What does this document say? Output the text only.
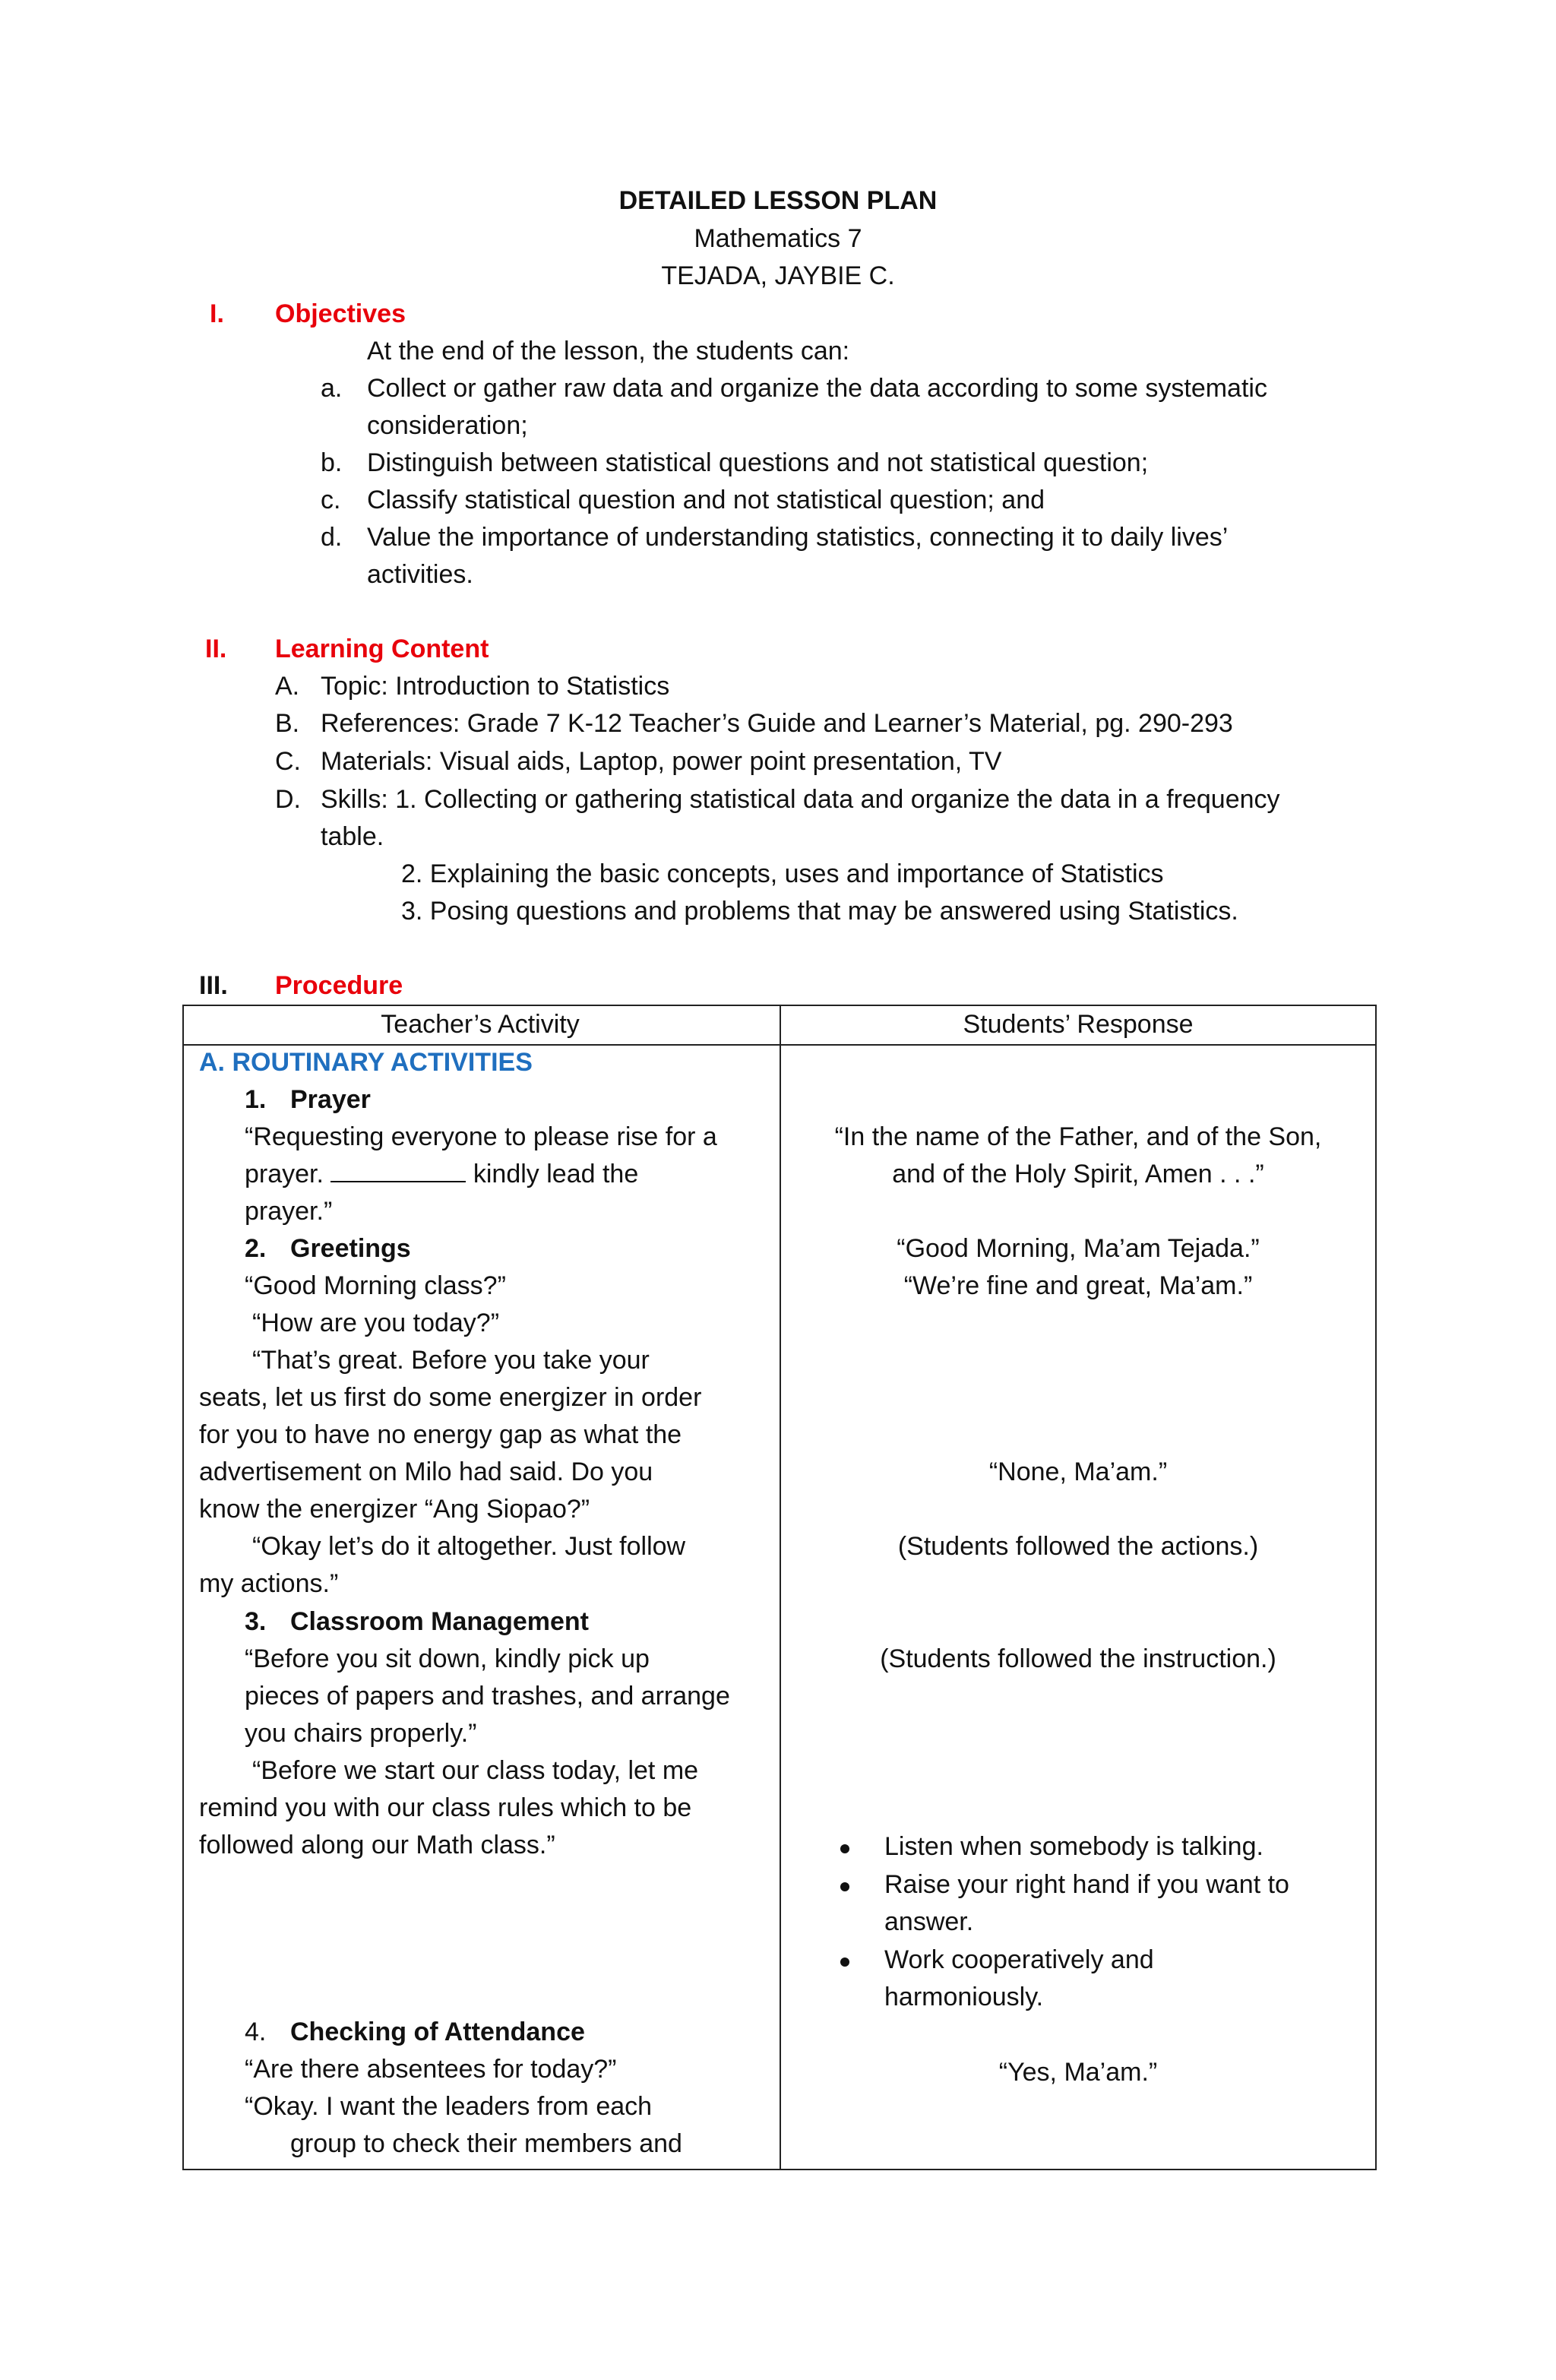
DETAILED LESSON PLAN
Mathematics 7
TEJADA, JAYBIE C.
I. Objectives
At the end of the lesson, the students can:
a. Collect or gather raw data and organize the data according to some systematic
consideration;
b. Distinguish between statistical questions and not statistical question;
c. Classify statistical question and not statistical question; and
d. Value the importance of understanding statistics, connecting it to daily lives’
activities.
II. Learning Content
A. Topic: Introduction to Statistics
B. References: Grade 7 K-12 Teacher’s Guide and Learner’s Material, pg. 290-293
C. Materials: Visual aids, Laptop, power point presentation, TV
D. Skills: 1. Collecting or gathering statistical data and organize the data in a frequency
table.
2. Explaining the basic concepts, uses and importance of Statistics
3. Posing questions and problems that may be answered using Statistics.
III. Procedure
Teacher’s Activity	Students’ Response
A. ROUTINARY ACTIVITIES
1. Prayer
“Requesting everyone to please rise for a
prayer.	kindly lead the
prayer.”
2. Greetings
“Good Morning class?”
“How are you today?”
“That’s great. Before you take your
seats, let us first do some energizer in order
for you to have no energy gap as what the
advertisement on Milo had said. Do you
know the energizer “Ang Siopao?”
“Okay let’s do it altogether. Just follow
my actions.”
3. Classroom Management
“Before you sit down, kindly pick up
pieces of papers and trashes, and arrange
you chairs properly.”
“Before we start our class today, let me
remind you with our class rules which to be
followed along our Math class.”
4. Checking of Attendance
“Are there absentees for today?”
“Okay. I want the leaders from each
group to check their members and
“In the name of the Father, and of the Son,
and of the Holy Spirit, Amen . . .”
“Good Morning, Ma’am Tejada.”
“We’re fine and great, Ma’am.”
“None, Ma’am.”
(Students followed the actions.)
(Students followed the instruction.)
Listen when somebody is talking.
Raise your right hand if you want to
answer.
Work cooperatively and
harmoniously.
“Yes, Ma’am.”
